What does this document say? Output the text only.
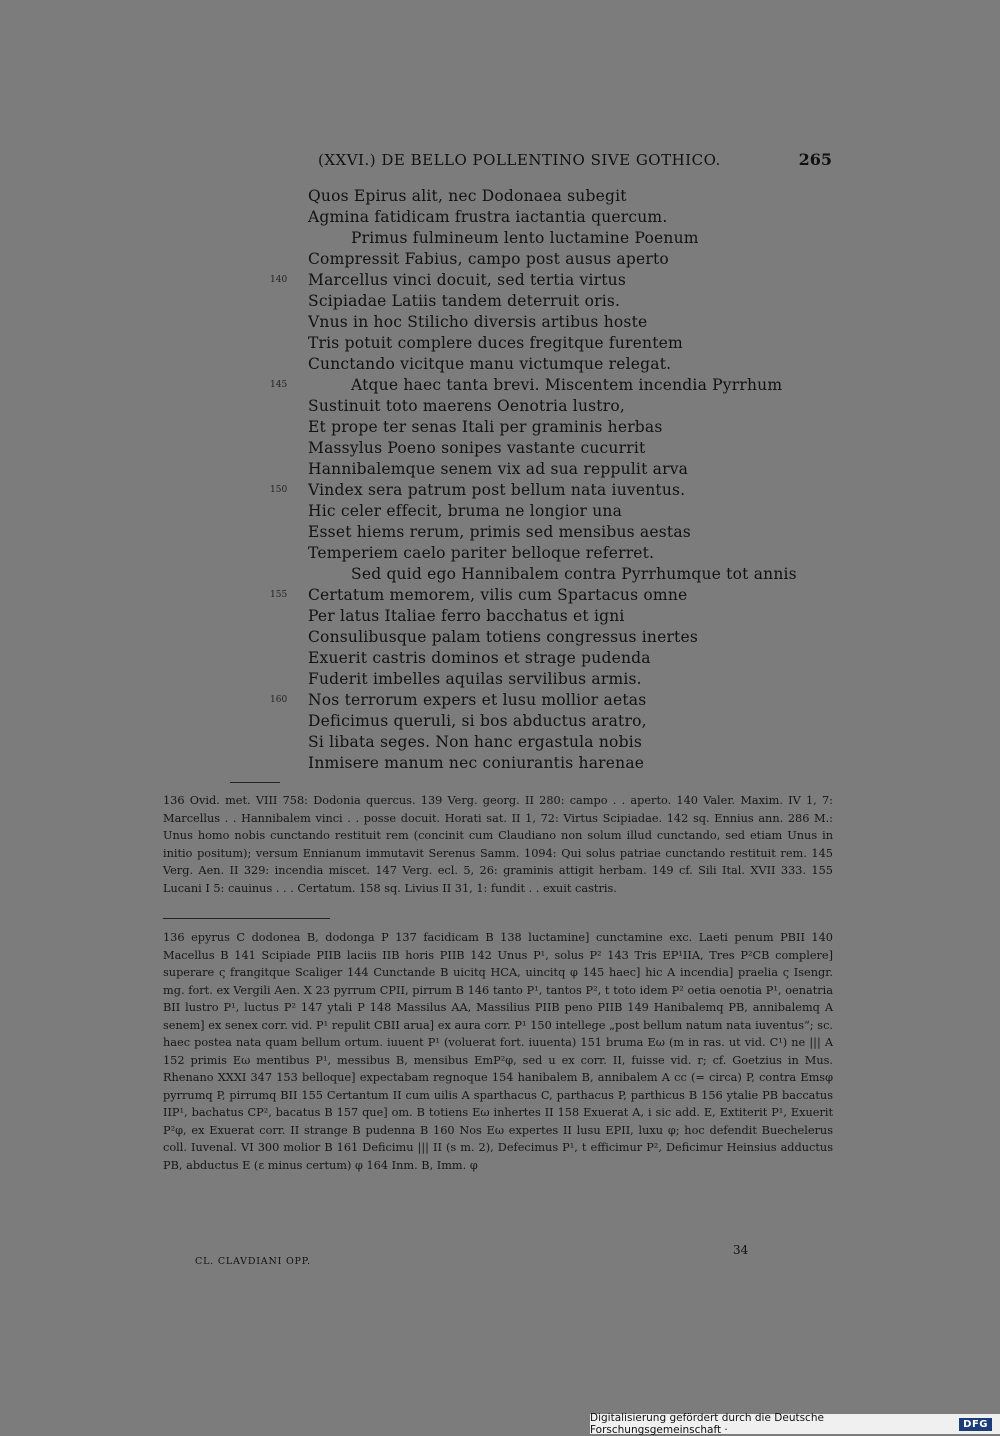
(XXVI.) DE BELLO POLLENTINO SIVE GOTHICO.	265
Quos Epirus alit, nec Dodonaea subegit
Agmina fatidicam frustra iactantia quercum.
Primus fulmineum lento luctamine Poenum
Compressit Fabius, campo post ausus aperto
140	Marcellus vinci docuit, sed tertia virtus
Scipiadae Latiis tandem deterruit oris.
Vnus in hoc Stilicho diversis artibus hoste
Tris potuit complere duces fregitque furentem
Cunctando vicitque manu victumque relegat.
145	Atque haec tanta brevi. Miscentem incendia Pyrrhum
Sustinuit toto maerens Oenotria lustro,
Et prope ter senas Itali per graminis herbas
Massylus Poeno sonipes vastante cucurrit
Hannibalemque senem vix ad sua reppulit arva
150	Vindex sera patrum post bellum nata iuventus.
Hic celer effecit, bruma ne longior una
Esset hiems rerum, primis sed mensibus aestas
Temperiem caelo pariter belloque referret.
Sed quid ego Hannibalem contra Pyrrhumque tot annis
155	Certatum memorem, vilis cum Spartacus omne
Per latus Italiae ferro bacchatus et igni
Consulibusque palam totiens congressus inertes
Exuerit castris dominos et strage pudenda
Fuderit imbelles aquilas servilibus armis.
160	Nos terrorum expers et lusu mollior aetas
Deficimus queruli, si bos abductus aratro,
Si libata seges. Non hanc ergastula nobis
Inmisere manum nec coniurantis harenae

136 Ovid. met. VIII 758: Dodonia quercus. 139 Verg. georg. II 280: campo . . aperto. 140 Valer. Maxim. IV 1, 7: Marcellus . . Hannibalem vinci . . posse docuit. Horati sat. II 1, 72: Virtus Scipiadae. 142 sq. Ennius ann. 286 M.: Unus homo nobis cunctando restituit rem (concinit cum Claudiano non solum illud cunctando, sed etiam Unus in initio positum); versum Ennianum immutavit Serenus Samm. 1094: Qui solus patriae cunctando restituit rem. 145 Verg. Aen. II 329: incendia miscet. 147 Verg. ecl. 5, 26: graminis attigit herbam. 149 cf. Sili Ital. XVII 333. 155 Lucani I 5: cauinus . . . Certatum. 158 sq. Livius II 31, 1: fundit . . exuit castris.

136 epyrus C dodonea B, dodonga P 137 facidicam B 138 luctamine] cunctamine exc. Laeti penum PBII 140 Macellus B 141 Scipiade PIIB laciis IIB horis PIIB 142 Unus P¹, solus P² 143 Tris EP¹IIA, Tres P²CB complere] superare ς frangitque Scaliger 144 Cunctande B uicitq HCA, uincitq φ 145 haec] hic A incendia] praelia ς Isengr. mg. fort. ex Vergili Aen. X 23 pyrrum CPII, pirrum B 146 tanto P¹, tantos P², t toto idem P² oetia oenotia P¹, oenatria BII lustro P¹, luctus P² 147 ytali P 148 Massilus AA, Massilius PIIB peno PIIB 149 Hanibalemq PB, annibalemq A senem] ex senex corr. vid. P¹ repulit CBII arua] ex aura corr. P¹ 150 intellege „post bellum natum nata iuventus“; sc. haec postea nata quam bellum ortum. iuuent P¹ (voluerat fort. iuuenta) 151 bruma Eω (m in ras. ut vid. C¹) ne ||| A 152 primis Eω mentibus P¹, messibus B, mensibus EmP²φ, sed u ex corr. II, fuisse vid. r; cf. Goetzius in Mus. Rhenano XXXI 347 153 belloque] expectabam regnoque 154 hanibalem B, annibalem A cc (= circa) P, contra Emsφ pyrrumq P, pirrumq BII 155 Certantum II cum uilis A sparthacus C, parthacus P, parthicus B 156 ytalie PB baccatus IIP¹, bachatus CP², bacatus B 157 que] om. B totiens Eω inhertes II 158 Exuerat A, i sic add. E, Extiterit P¹, Exuerit P²φ, ex Exuerat corr. II strange B pudenna B 160 Nos Eω expertes II lusu EPII, luxu φ; hoc defendit Buechelerus coll. Iuvenal. VI 300 molior B 161 Deficimu ||| II (s m. 2), Defecimus P¹, t efficimur P², Deficimur Heinsius adductus PB, abductus E (ε minus certum) φ 164 Inm. B, Imm. φ

CL. CLAVDIANI OPP.
34
Digitalisierung gefördert durch die Deutsche Forschungsgemeinschaft ·	DFG
